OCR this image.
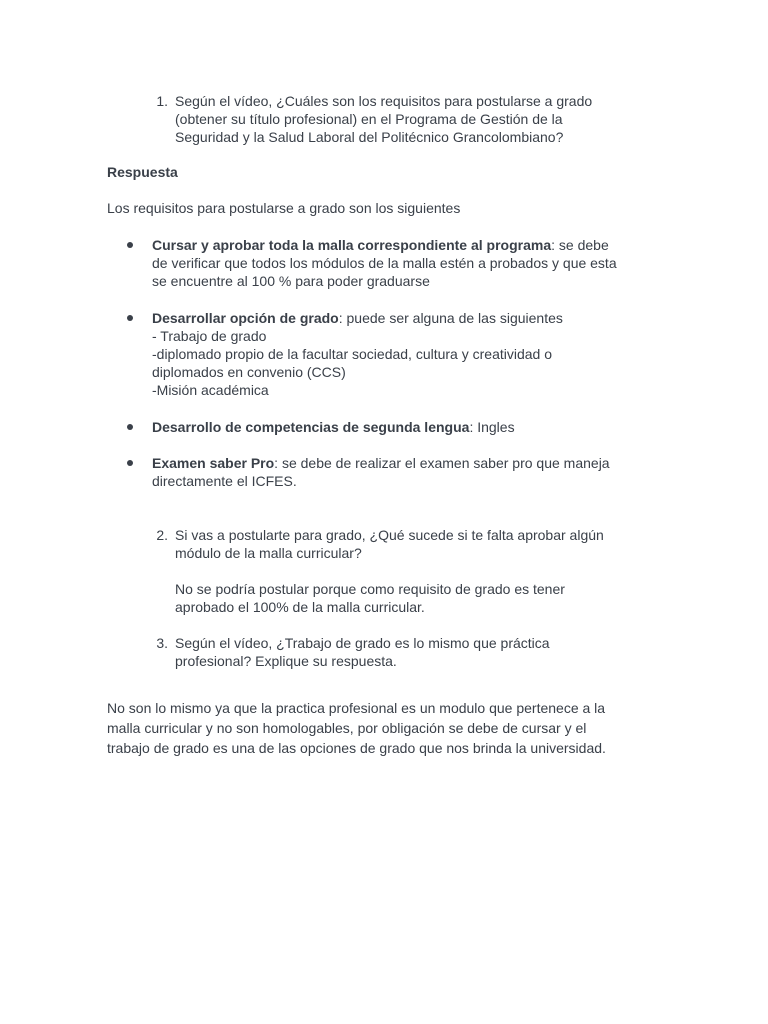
1. Según el vídeo, ¿Cuáles son los requisitos para postularse a grado
(obtener su título profesional) en el Programa de Gestión de la
Seguridad y la Salud Laboral del Politécnico Grancolombiano?
Respuesta
Los requisitos para postularse a grado son los siguientes
Cursar y aprobar toda la malla correspondiente al programa: se debe
de verificar que todos los módulos de la malla estén a probados y que esta
se encuentre al 100 % para poder graduarse
Desarrollar opción de grado: puede ser alguna de las siguientes
- Trabajo de grado
-diplomado propio de la facultar sociedad, cultura y creatividad o
diplomados en convenio (CCS)
-Misión académica
Desarrollo de competencias de segunda lengua: Ingles
Examen saber Pro: se debe de realizar el examen saber pro que maneja
directamente el ICFES.
2. Si vas a postularte para grado, ¿Qué sucede si te falta aprobar algún
módulo de la malla curricular?
No se podría postular porque como requisito de grado es tener
aprobado el 100% de la malla curricular.
3. Según el vídeo, ¿Trabajo de grado es lo mismo que práctica
profesional? Explique su respuesta.
No son lo mismo ya que la practica profesional es un modulo que pertenece a la
malla curricular y no son homologables, por obligación se debe de cursar y el
trabajo de grado es una de las opciones de grado que nos brinda la universidad.
